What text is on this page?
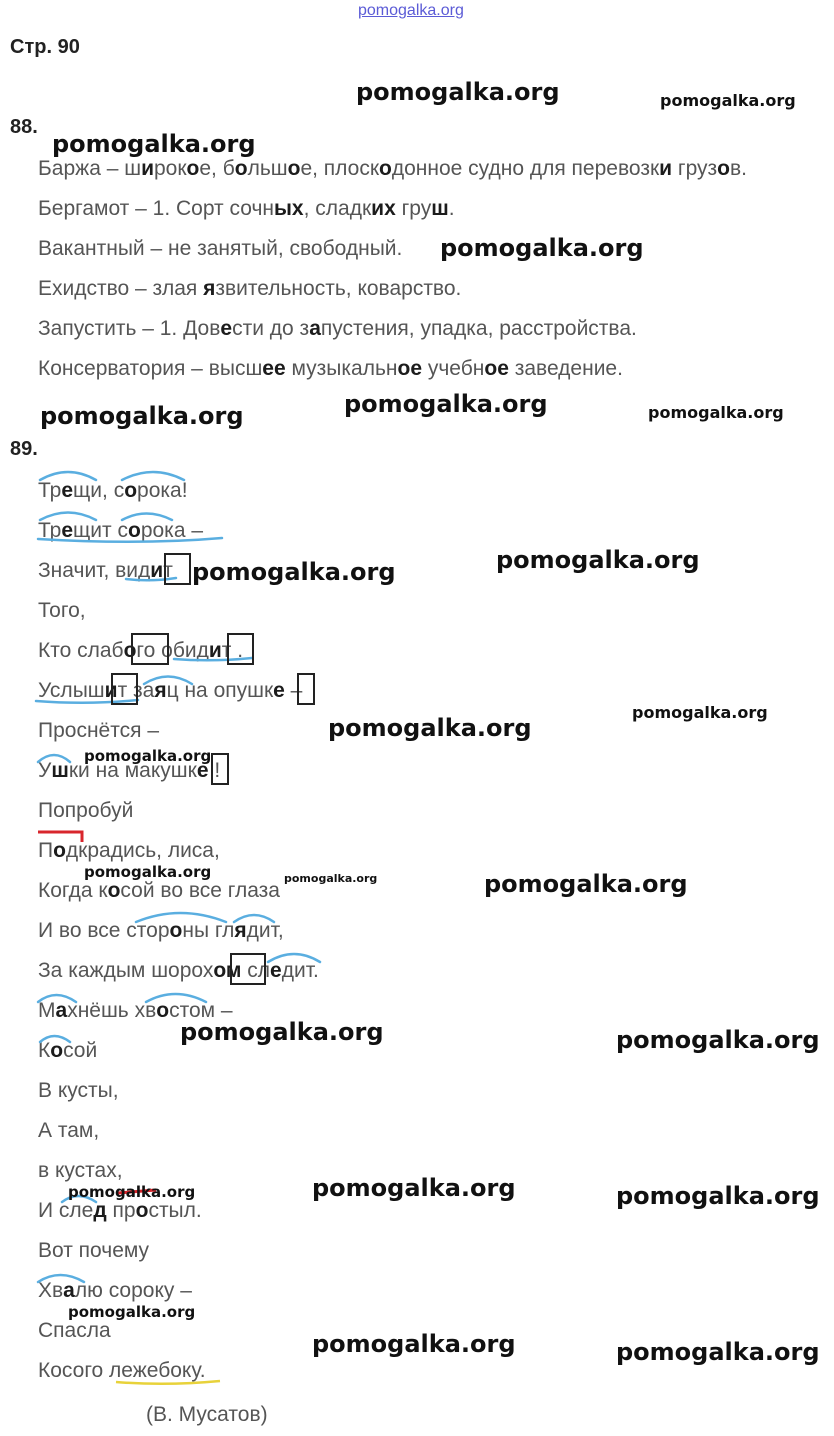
pomogalka.org
Стр. 90
88.
Баржа – широкое, большое, плоскодонное судно для перевозки грузов.
Бергамот – 1. Сорт сочных, сладких груш.
Вакантный – не занятый, свободный.
Ехидство – злая язвительность, коварство.
Запустить – 1. Довести до запустения, упадка, расстройства.
Консерватория – высшее музыкальное учебное заведение.
89.
Трещи, сорока!
Трещит сорока –
Значит, видит
Того,
Кто слабого обидит .
Услышит заяц на опушке –
Проснётся –
Ушки на макушке !
Попробуй
Подкрадись, лиса,
Когда косой во все глаза
И во все стороны глядит,
За каждым шорохом следит.
Махнёшь хвостом –
Косой
В кусты,
А там,
в кустах,
И след простыл.
Вот почему
Хвалю сороку –
Спасла
Косого лежебоку.
(В. Мусатов)
pomogalka.org	pomogalka.org
pomogalka.org
pomogalka.org
pomogalka.org	pomogalka.org	pomogalka.org
pomogalka.org	pomogalka.org
pomogalka.org
pomogalka.org
pomogalka.org
pomogalka.org	pomogalka.org	pomogalka.org
pomogalka.org	pomogalka.org
pomogalka.org	pomogalka.org	pomogalka.org
pomogalka.org
pomogalka.org	pomogalka.org
